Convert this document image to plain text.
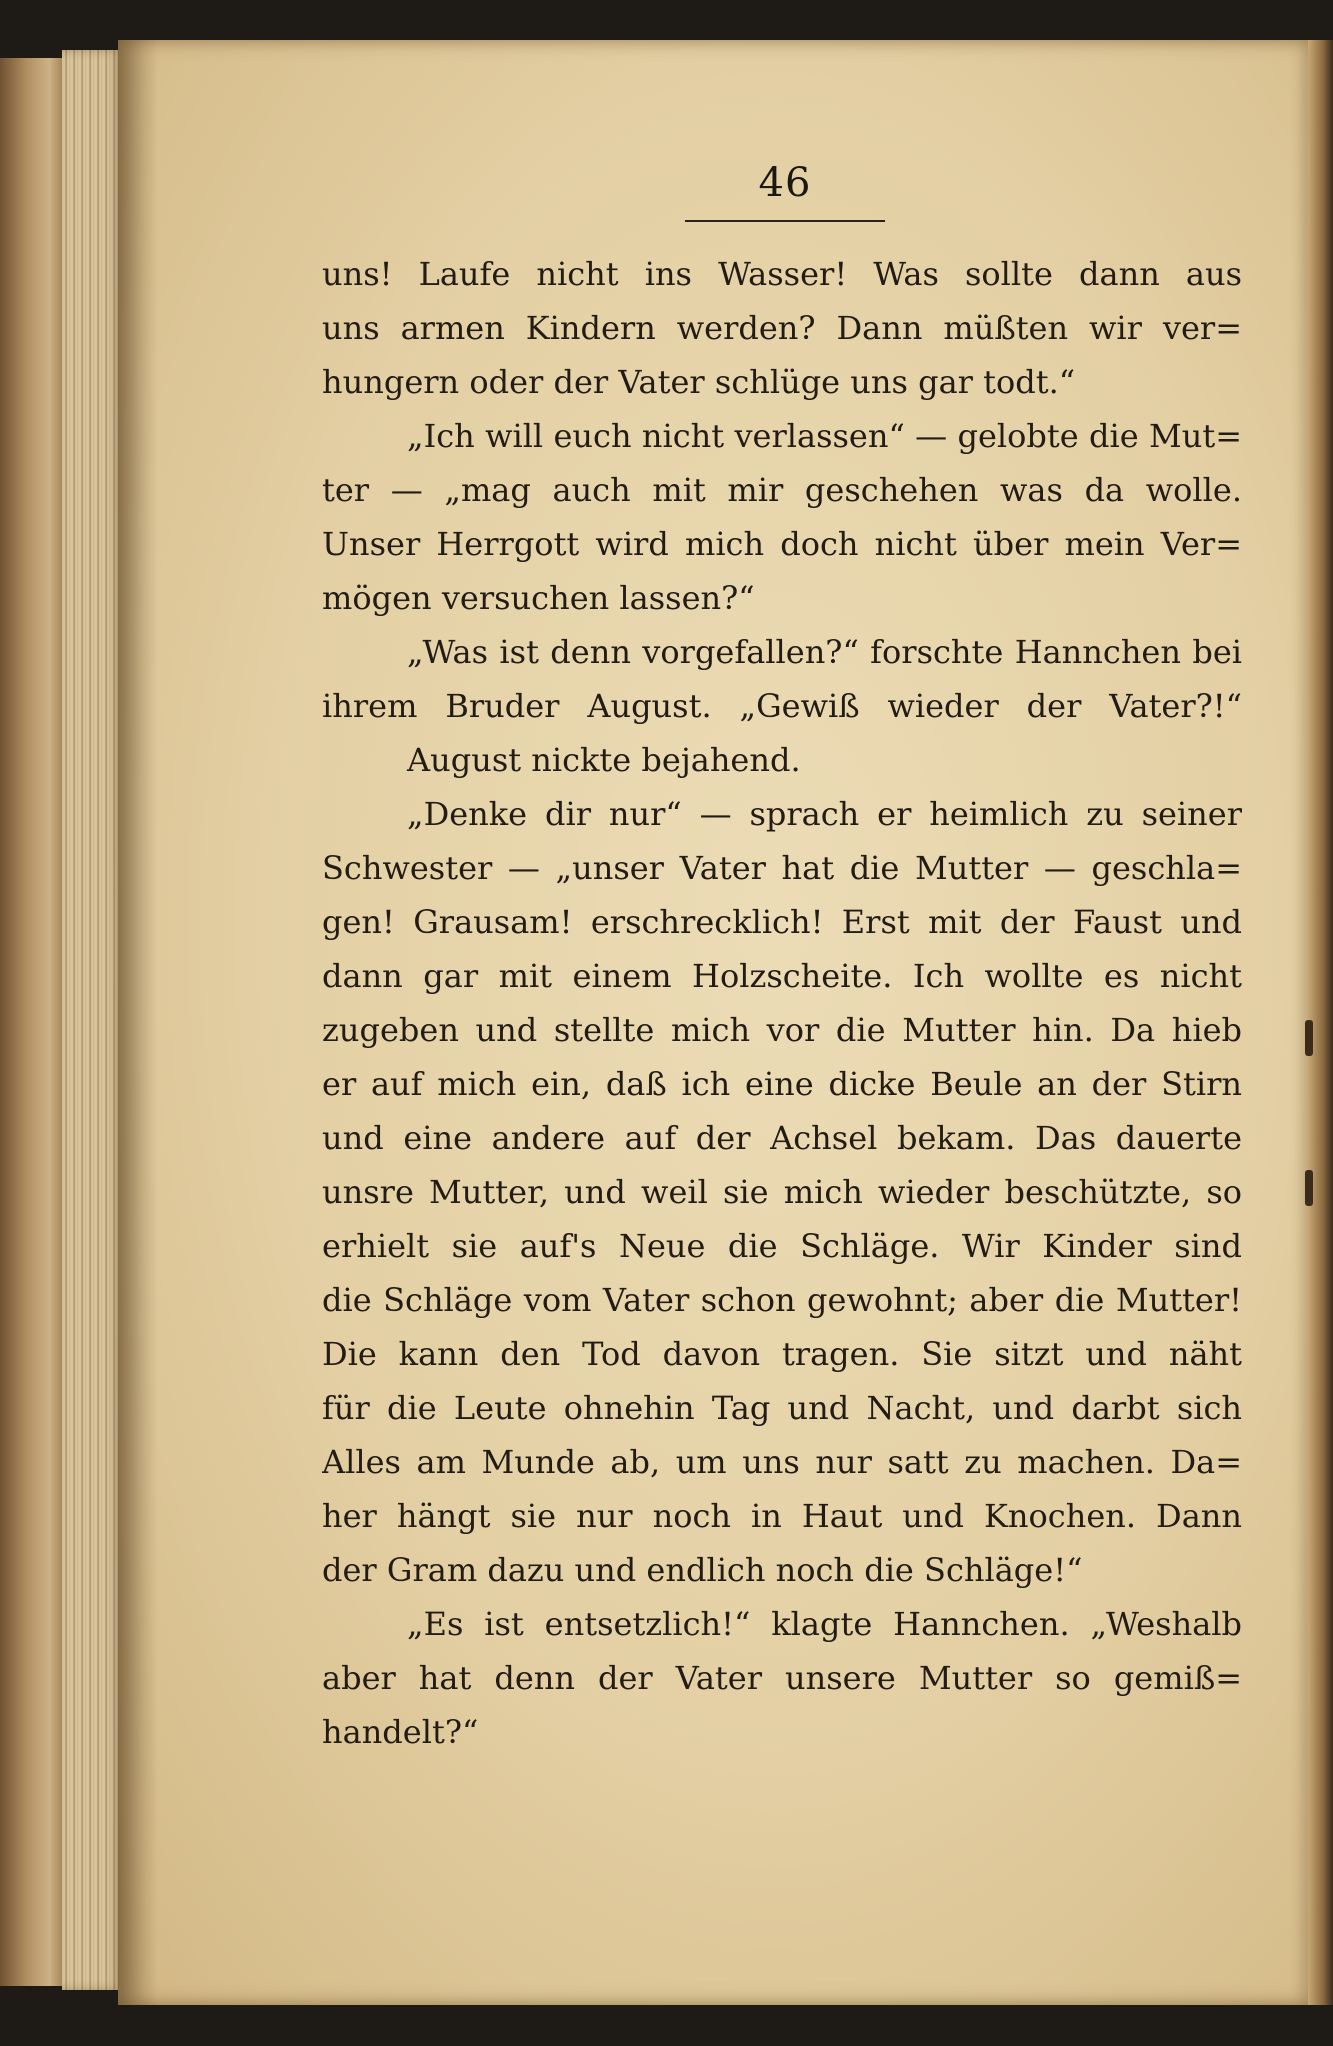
46
uns! Laufe nicht ins Wasser! Was sollte dann aus
uns armen Kindern werden? Dann müßten wir ver=
hungern oder der Vater schlüge uns gar todt.“
„Ich will euch nicht verlassen“ — gelobte die Mut=
ter — „mag auch mit mir geschehen was da wolle.
Unser Herrgott wird mich doch nicht über mein Ver=
mögen versuchen lassen?“
„Was ist denn vorgefallen?“ forschte Hannchen bei
ihrem Bruder August. „Gewiß wieder der Vater?!“
August nickte bejahend.
„Denke dir nur“ — sprach er heimlich zu seiner
Schwester — „unser Vater hat die Mutter — geschla=
gen! Grausam! erschrecklich! Erst mit der Faust und
dann gar mit einem Holzscheite. Ich wollte es nicht
zugeben und stellte mich vor die Mutter hin. Da hieb
er auf mich ein, daß ich eine dicke Beule an der Stirn
und eine andere auf der Achsel bekam. Das dauerte
unsre Mutter, und weil sie mich wieder beschützte, so
erhielt sie auf's Neue die Schläge. Wir Kinder sind
die Schläge vom Vater schon gewohnt; aber die Mutter!
Die kann den Tod davon tragen. Sie sitzt und näht
für die Leute ohnehin Tag und Nacht, und darbt sich
Alles am Munde ab, um uns nur satt zu machen. Da=
her hängt sie nur noch in Haut und Knochen. Dann
der Gram dazu und endlich noch die Schläge!“
„Es ist entsetzlich!“ klagte Hannchen. „Weshalb
aber hat denn der Vater unsere Mutter so gemiß=
handelt?“
